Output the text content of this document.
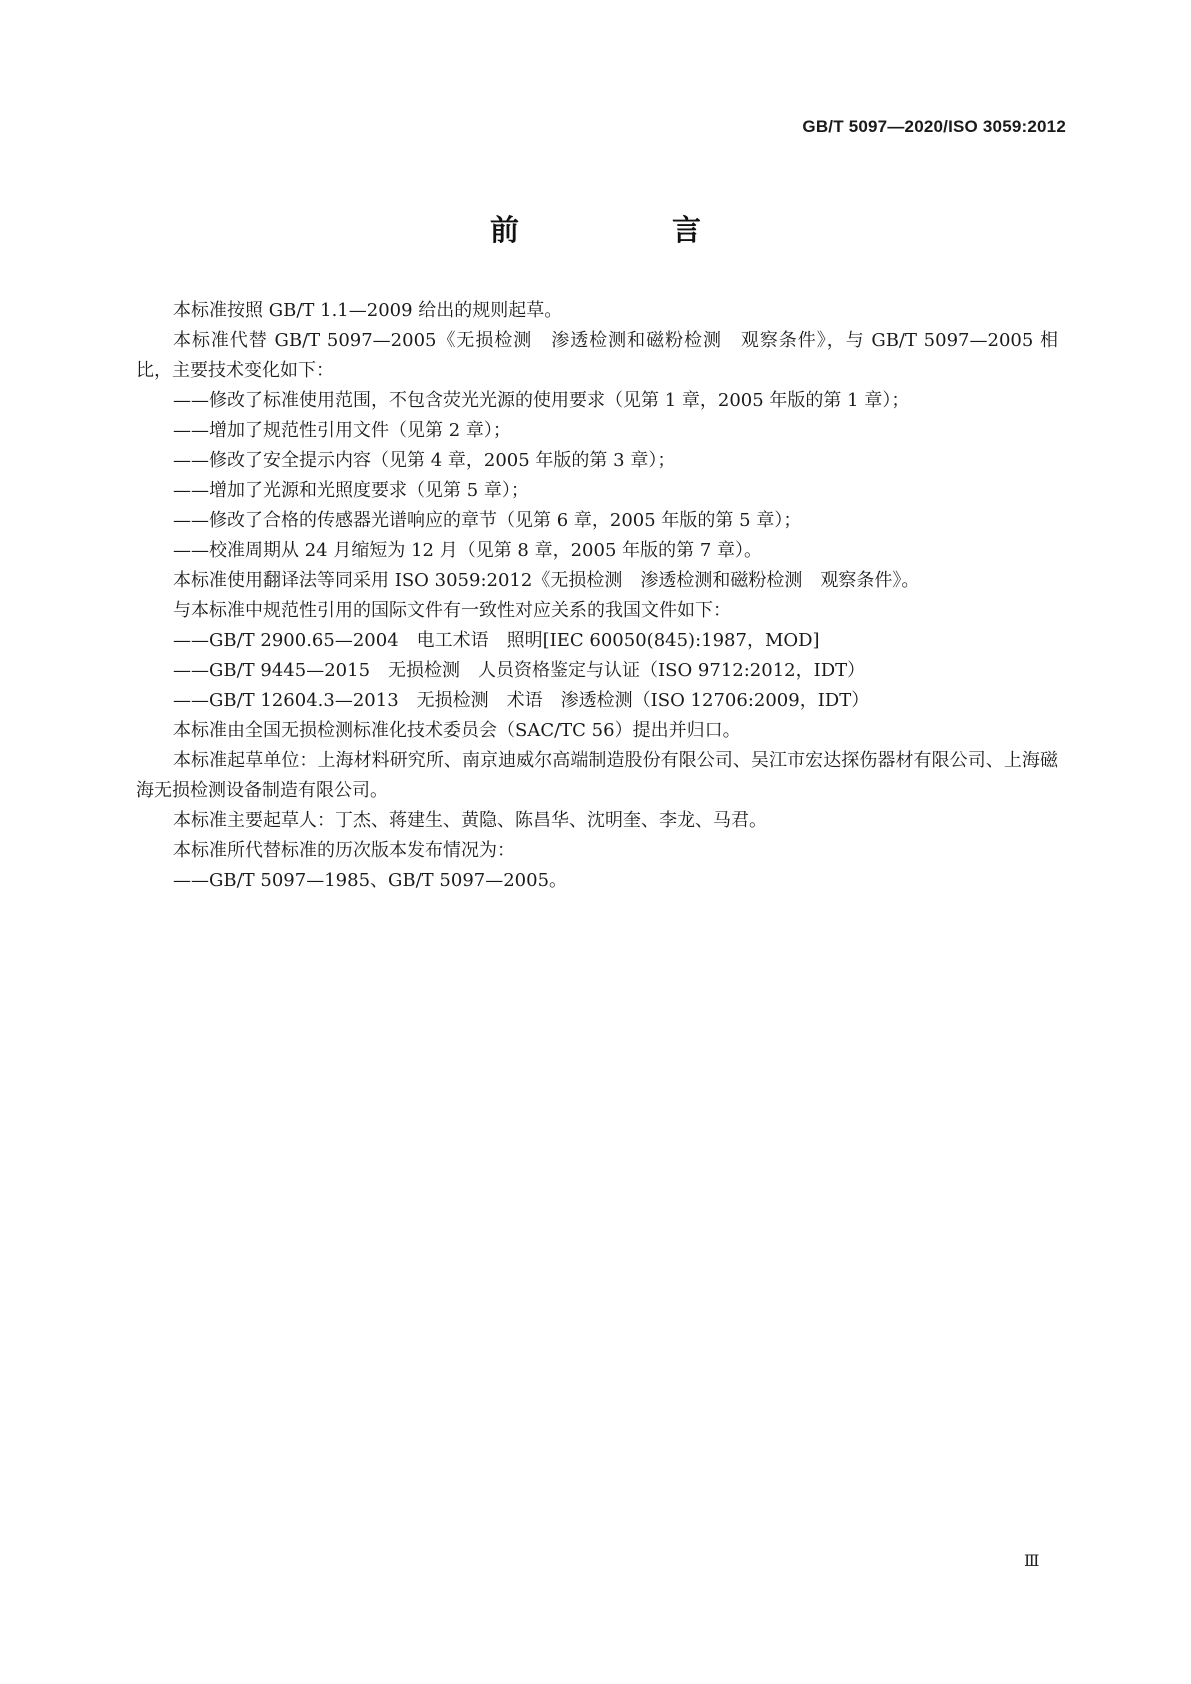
GB/T 5097—2020/ISO 3059:2012
前　言

本标准按照 GB/T 1.1—2009 给出的规则起草。

本标准代替 GB/T 5097—2005《无损检测　渗透检测和磁粉检测　观察条件》，与 GB/T 5097—2005 相比，主要技术变化如下：

——修改了标准使用范围，不包含荧光光源的使用要求（见第 1 章，2005 年版的第 1 章）；

——增加了规范性引用文件（见第 2 章）；

——修改了安全提示内容（见第 4 章，2005 年版的第 3 章）；

——增加了光源和光照度要求（见第 5 章）；

——修改了合格的传感器光谱响应的章节（见第 6 章，2005 年版的第 5 章）；

——校准周期从 24 月缩短为 12 月（见第 8 章，2005 年版的第 7 章）。

本标准使用翻译法等同采用 ISO 3059:2012《无损检测　渗透检测和磁粉检测　观察条件》。

与本标准中规范性引用的国际文件有一致性对应关系的我国文件如下：

——GB/T 2900.65—2004　电工术语　照明[IEC 60050(845):1987，MOD]

——GB/T 9445—2015　无损检测　人员资格鉴定与认证（ISO 9712:2012，IDT）

——GB/T 12604.3—2013　无损检测　术语　渗透检测（ISO 12706:2009，IDT）

本标准由全国无损检测标准化技术委员会（SAC/TC 56）提出并归口。

本标准起草单位：上海材料研究所、南京迪威尔高端制造股份有限公司、吴江市宏达探伤器材有限公司、上海磁海无损检测设备制造有限公司。

本标准主要起草人：丁杰、蒋建生、黄隐、陈昌华、沈明奎、李龙、马君。

本标准所代替标准的历次版本发布情况为：

——GB/T 5097—1985、GB/T 5097—2005。

Ⅲ
